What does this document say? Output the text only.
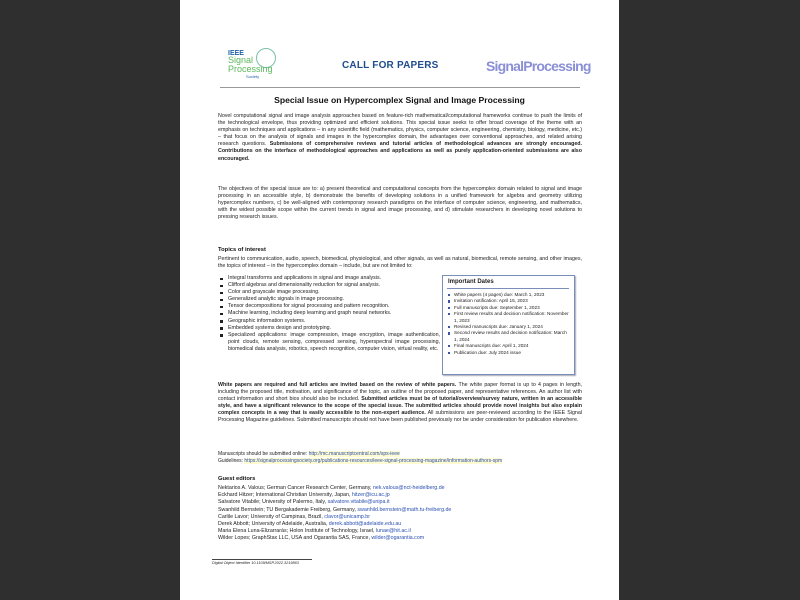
IEEE
Signal
Processing
Society
CALL FOR PAPERS	SignalProcessing
Special Issue on Hypercomplex Signal and Image Processing
Novel computational signal and image analysis approaches based on feature-rich mathematical/computational frameworks continue to push the limits of the technological envelope, thus providing optimized and efficient solutions. This special issue seeks to offer broad coverage of the theme with an emphasis on techniques and applications – in any scientific field (mathematics, physics, computer science, engineering, chemistry, biology, medicine, etc.) – that focus on the analysis of signals and images in the hypercomplex domain, the advantages over conventional approaches, and related arising research questions. Submissions of comprehensive reviews and tutorial articles of methodological advances are strongly encouraged. Contributions on the interface of methodological approaches and applications as well as purely application-oriented submissions are also encouraged.
The objectives of the special issue are to: a) present theoretical and computational concepts from the hypercomplex domain related to signal and image processing in an accessible style, b) demonstrate the benefits of developing solutions in a unified framework for algebra and geometry utilizing hypercomplex numbers, c) be well-aligned with contemporary research paradigms on the interface of computer science, engineering, and mathematics, with the widest possible scope within the current trends in signal and image processing, and d) stimulate researchers in developing novel solutions to pressing research issues.
Topics of interest
Pertinent to communication, audio, speech, biomedical, physiological, and other signals, as well as natural, biomedical, remote sensing, and other images, the topics of interest – in the hypercomplex domain – include, but are not limited to:
Integral transforms and applications in signal and image analysis.
Clifford algebras and dimensionality reduction for signal analysis.
Color and grayscale image processing.
Generalized analytic signals in image processing.
Tensor decompositions for signal processing and pattern recognition.
Machine learning, including deep learning and graph neural networks.
Geographic information systems.
Embedded systems design and prototyping.
Specialized applications: image compression, image encryption, image authentication, point clouds, remote sensing, compressed sensing, hyperspectral image processing, biomedical data analysis, robotics, speech recognition, computer vision, virtual reality, etc.
Important Dates
White papers (4 pages) due: March 1, 2023
Invitation notification: April 15, 2023
Full manuscripts due: September 1, 2023
First review results and decision notification: November 1, 2023
Revised manuscripts due: January 1, 2024
Second review results and decision notification: March 1, 2024
Final manuscripts due: April 1, 2024
Publication due: July 2024 issue
White papers are required and full articles are invited based on the review of white papers. The white paper format is up to 4 pages in length, including the proposed title, motivation, and significance of the topic, an outline of the proposed paper, and representative references. An author list with contact information and short bios should also be included. Submitted articles must be of tutorial/overview/survey nature, written in an accessible style, and have a significant relevance to the scope of the special issue. The submitted articles should provide novel insights but also explain complex concepts in a way that is easily accessible to the non-expert audience. All submissions are peer-reviewed according to the IEEE Signal Processing Magazine guidelines. Submitted manuscripts should not have been published previously nor be under consideration for publication elsewhere.
Manuscripts should be submitted online: http://mc.manuscriptcentral.com/sps-ieee
Guidelines: https://signalprocessingsociety.org/publications-resources/ieee-signal-processing-magazine/information-authors-spm
Guest editors
Nektarios A. Valous; German Cancer Research Center, Germany, nek.valous@nct-heidelberg.de
Eckhard Hitzer; International Christian University, Japan, hitzer@icu.ac.jp
Salvatore Vitabile; University of Palermo, Italy, salvatore.vitabile@unipa.it
Swanhild Bernstein; TU Bergakademie Freiberg, Germany, swanhild.bernstein@math.tu-freiberg.de
Carlile Lavor; University of Campinas, Brazil, clavor@unicamp.br
Derek Abbott; University of Adelaide, Australia, derek.abbott@adelaide.edu.au
Maria Elena Luna-Elizarrarás; Holon Institute of Technology, Israel, lunae@hit.ac.il
Wilder Lopes; GraphStax LLC, USA and Ogarantia SAS, France, wilder@ogarantia.com
Digital Object Identifier 10.1109/MSP.2022.3219863
